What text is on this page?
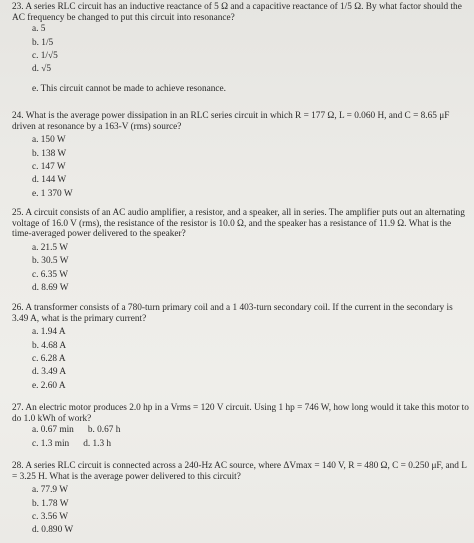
23. A series RLC circuit has an inductive reactance of 5 Ω and a capacitive reactance of 1/5 Ω. By what factor should the

AC frequency be changed to put this circuit into resonance?

a. 5
b. 1/5
c. 1/√5
d. √5
e. This circuit cannot be made to achieve resonance.

24. What is the average power dissipation in an RLC series circuit in which R = 177 Ω, L = 0.060 H, and C = 8.65 μF

driven at resonance by a 163-V (rms) source?

a. 150 W
b. 138 W
c. 147 W
d. 144 W
e. 1 370 W

25. A circuit consists of an AC audio amplifier, a resistor, and a speaker, all in series. The amplifier puts out an alternating

voltage of 16.0 V (rms), the resistance of the resistor is 10.0 Ω, and the speaker has a resistance of 11.9 Ω. What is the

time-averaged power delivered to the speaker?

a. 21.5 W
b. 30.5 W
c. 6.35 W
d. 8.69 W

26. A transformer consists of a 780-turn primary coil and a 1 403-turn secondary coil. If the current in the secondary is

3.49 A, what is the primary current?

a. 1.94 A
b. 4.68 A
c. 6.28 A
d. 3.49 A
e. 2.60 A

27. An electric motor produces 2.0 hp in a Vrms = 120 V circuit. Using 1 hp = 746 W, how long would it take this motor to

do 1.0 kWh of work?

a. 0.67 min b. 0.67 h
c. 1.3 min d. 1.3 h

28. A series RLC circuit is connected across a 240-Hz AC source, where ΔVmax = 140 V, R = 480 Ω, C = 0.250 μF, and L

= 3.25 H. What is the average power delivered to this circuit?

a. 77.9 W
b. 1.78 W
c. 3.56 W
d. 0.890 W
